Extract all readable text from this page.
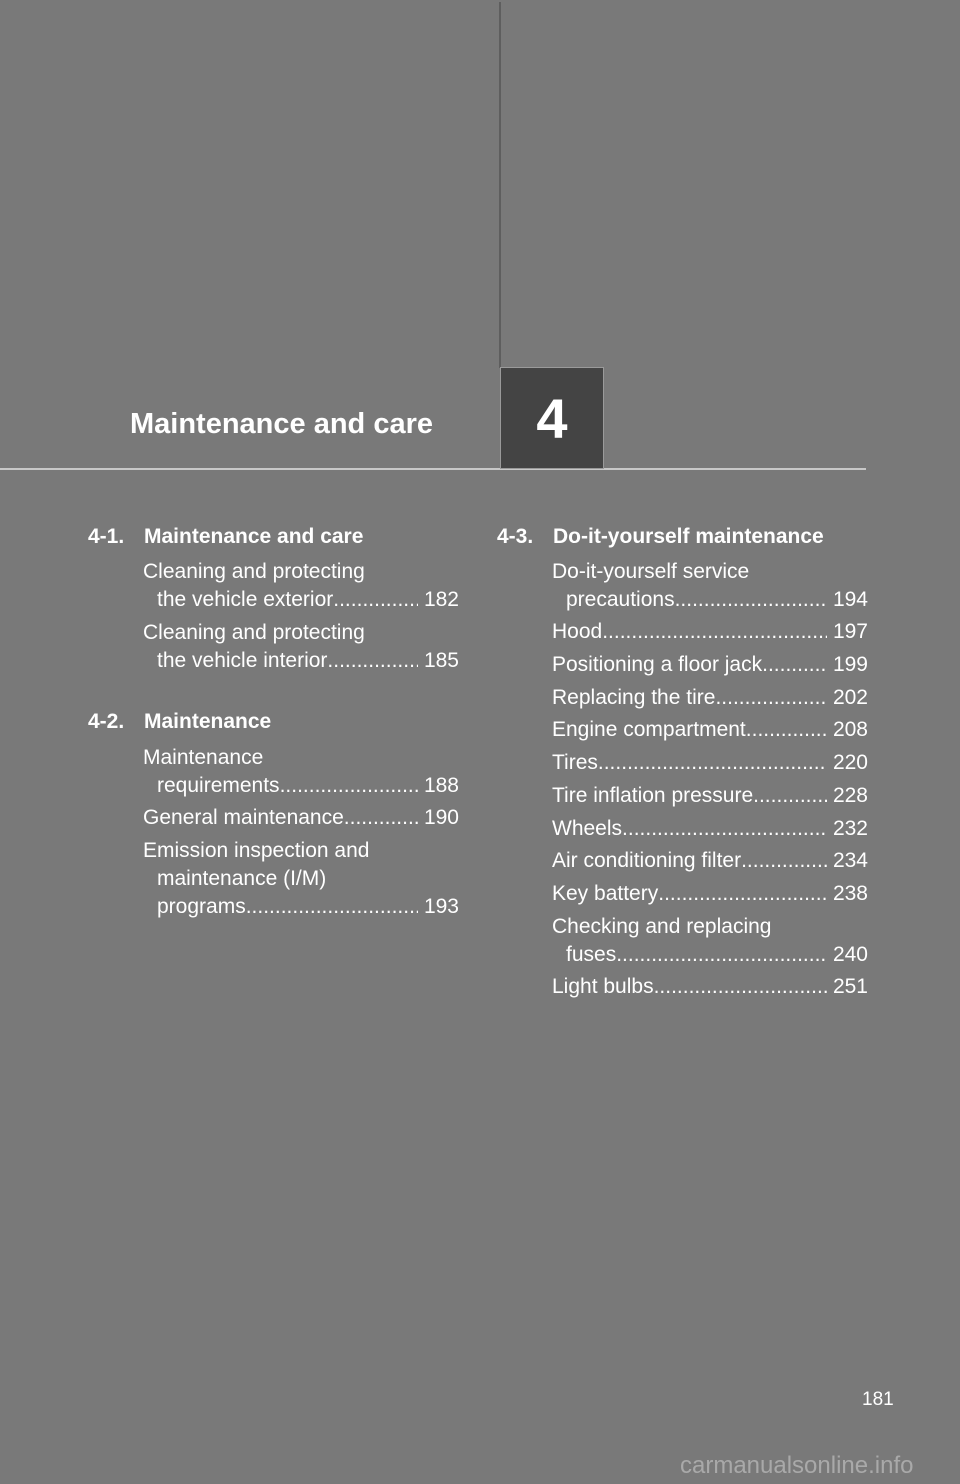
Maintenance and care 4
4-1. Maintenance and care
Cleaning and protecting
the vehicle exterior .....	182
Cleaning and protecting
the vehicle interior .....	185
4-2. Maintenance
Maintenance
requirements .....	188
General maintenance .....	190
Emission inspection and
maintenance (I/M)
programs .....	193
4-3. Do-it-yourself maintenance
Do-it-yourself service
precautions .....	194
Hood .....	197
Positioning a floor jack .....	199
Replacing the tire .....	202
Engine compartment .....	208
Tires .....	220
Tire inflation pressure .....	228
Wheels .....	232
Air conditioning filter .....	234
Key battery .....	238
Checking and replacing
fuses .....	240
Light bulbs .....	251
181
carmanualsonline.info
